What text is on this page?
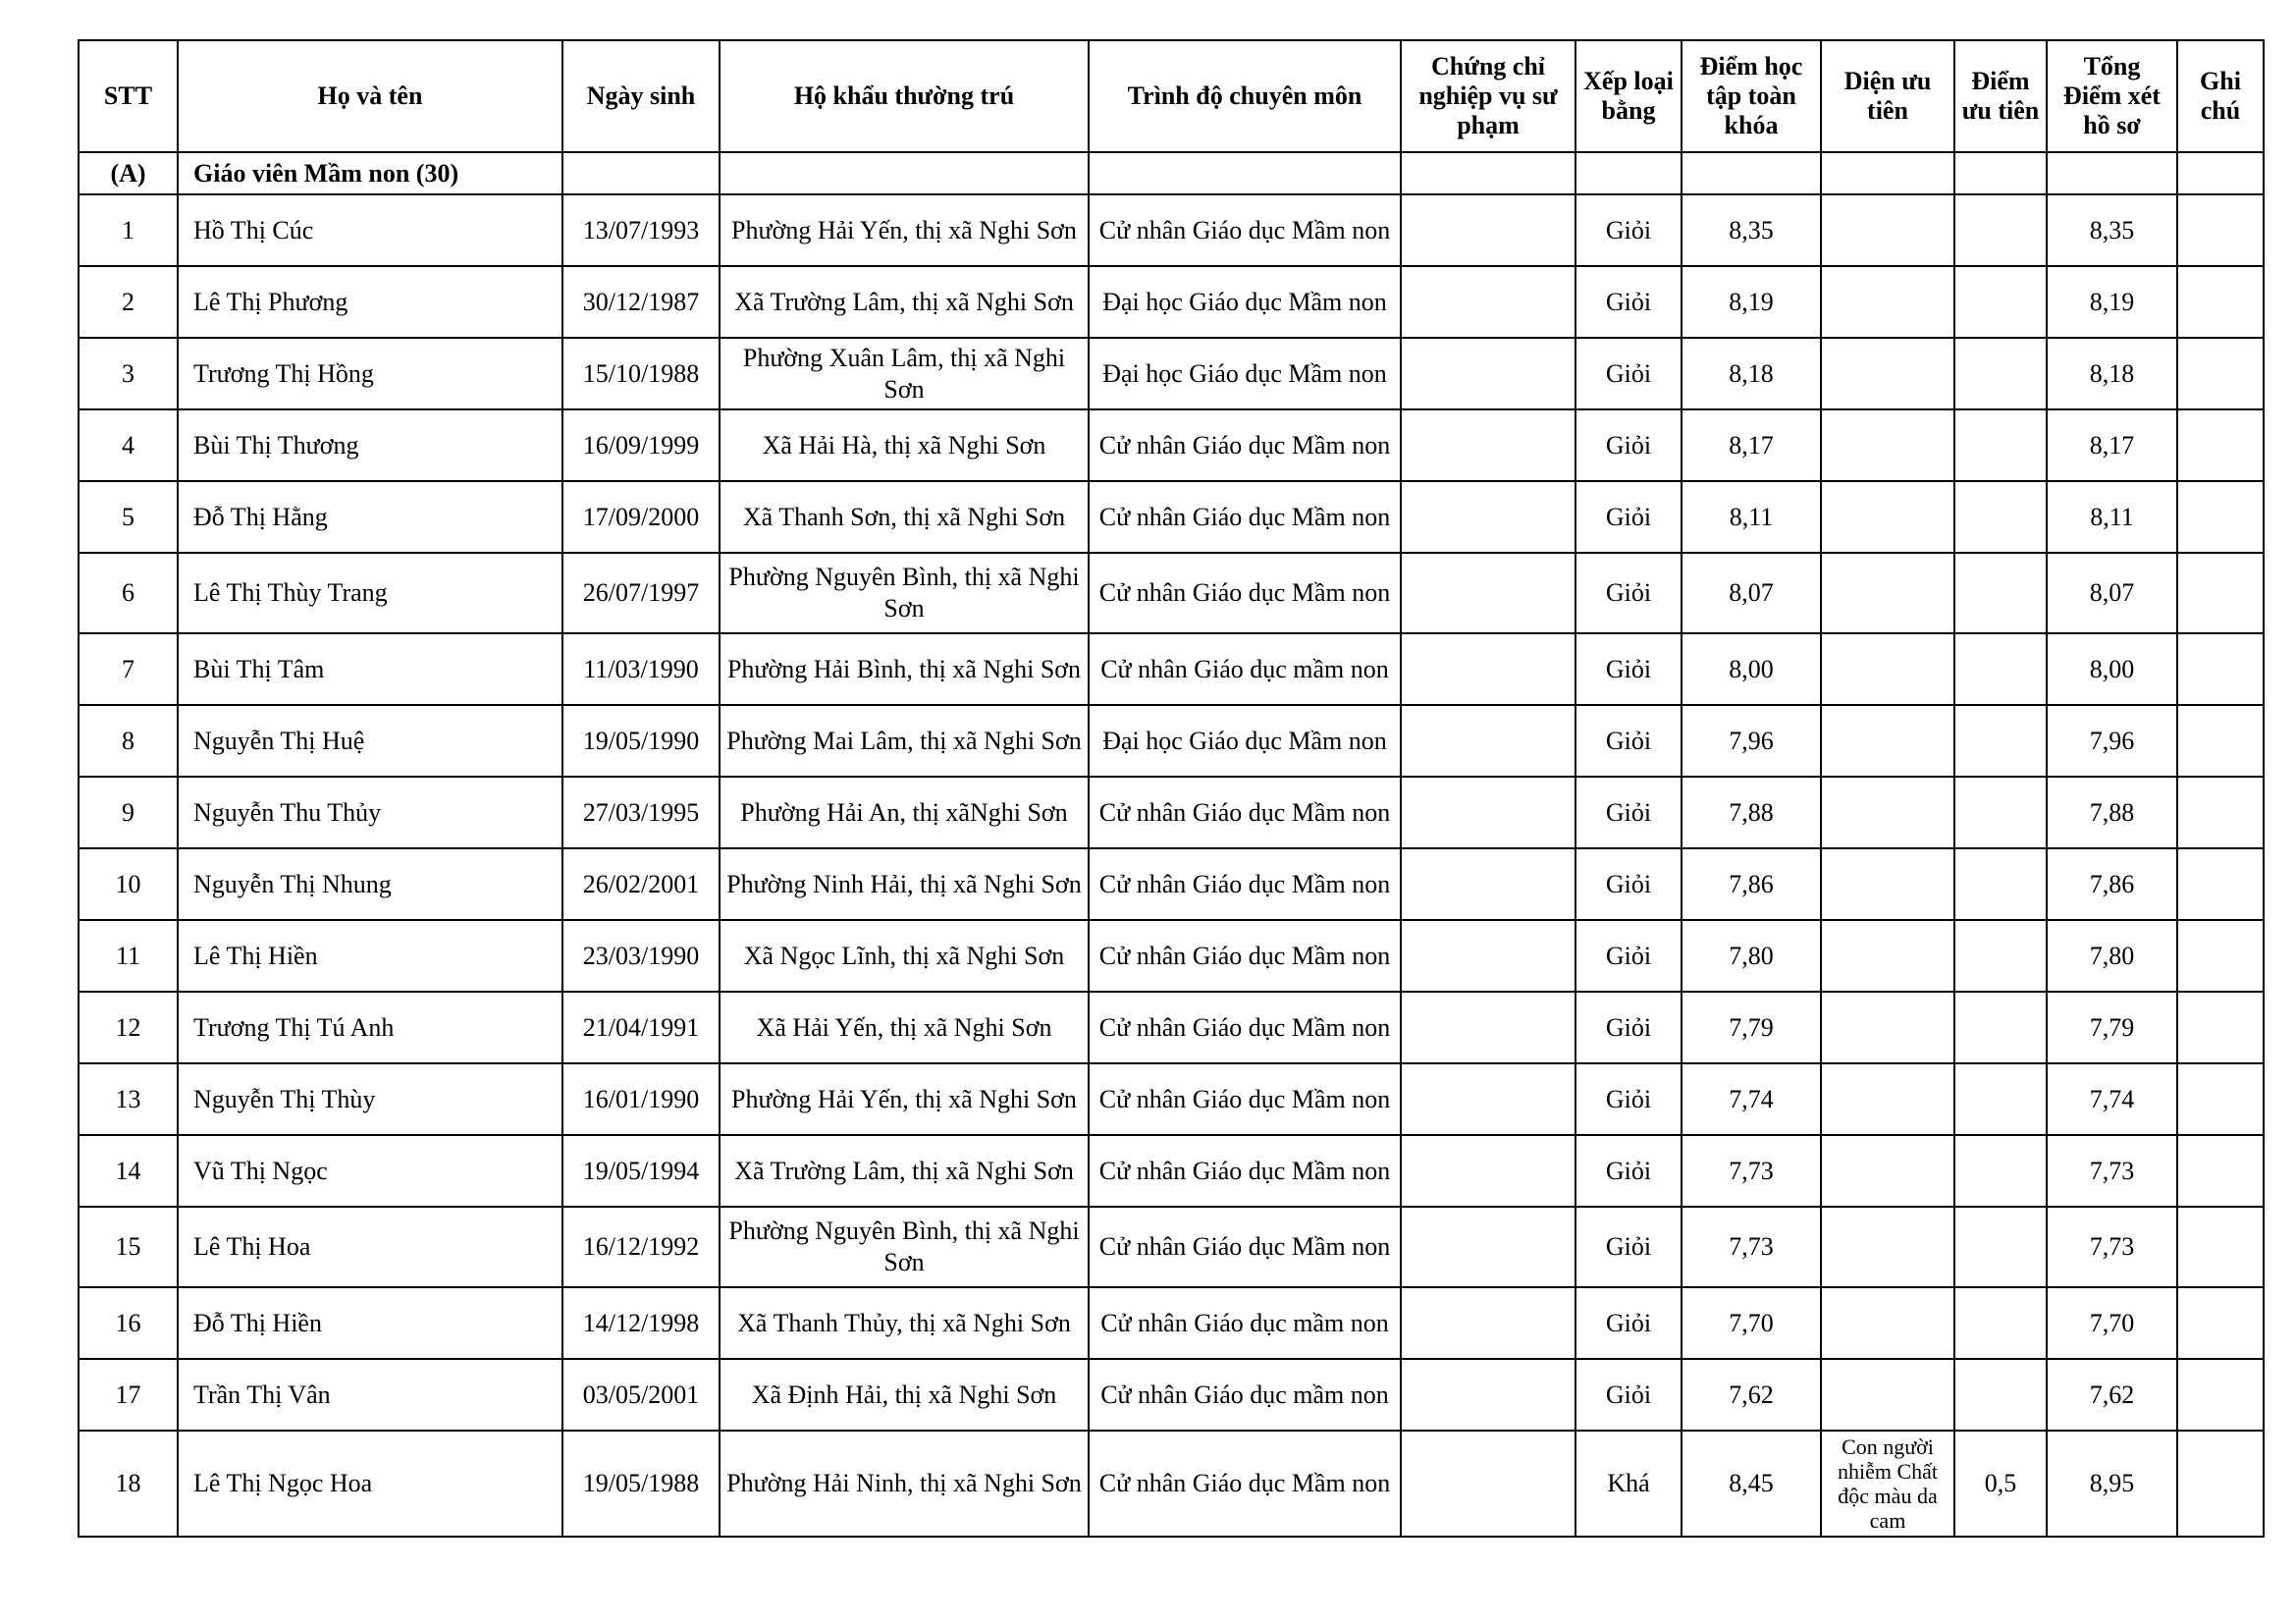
STT	Họ và tên	Ngày sinh	Hộ khẩu thường trú	Trình độ chuyên môn	Chứng chỉ nghiệp vụ sư phạm	Xếp loại bằng	Điểm học tập toàn khóa	Diện ưu tiên	Điểm ưu tiên	Tổng Điểm xét hồ sơ	Ghi chú
(A)	Giáo viên Mầm non (30)										
1	Hồ Thị Cúc	13/07/1993	Phường Hải Yến, thị xã Nghi Sơn	Cử nhân Giáo dục Mầm non		Giỏi	8,35			8,35	
2	Lê Thị Phương	30/12/1987	Xã Trường Lâm, thị xã Nghi Sơn	Đại học Giáo dục Mầm non		Giỏi	8,19			8,19	
3	Trương Thị Hồng	15/10/1988	Phường Xuân Lâm, thị xã Nghi Sơn	Đại học Giáo dục Mầm non		Giỏi	8,18			8,18	
4	Bùi Thị Thương	16/09/1999	Xã Hải Hà, thị xã Nghi Sơn	Cử nhân Giáo dục Mầm non		Giỏi	8,17			8,17	
5	Đỗ Thị Hằng	17/09/2000	Xã Thanh Sơn, thị xã Nghi Sơn	Cử nhân Giáo dục Mầm non		Giỏi	8,11			8,11	
6	Lê Thị Thùy Trang	26/07/1997	Phường Nguyên Bình, thị xã Nghi Sơn	Cử nhân Giáo dục Mầm non		Giỏi	8,07			8,07	
7	Bùi Thị Tâm	11/03/1990	Phường Hải Bình, thị xã Nghi Sơn	Cử nhân Giáo dục mầm non		Giỏi	8,00			8,00	
8	Nguyễn Thị Huệ	19/05/1990	Phường Mai Lâm, thị xã Nghi Sơn	Đại học Giáo dục Mầm non		Giỏi	7,96			7,96	
9	Nguyễn Thu Thủy	27/03/1995	Phường Hải An, thị xãNghi Sơn	Cử nhân Giáo dục Mầm non		Giỏi	7,88			7,88	
10	Nguyễn Thị Nhung	26/02/2001	Phường Ninh Hải, thị xã Nghi Sơn	Cử nhân Giáo dục Mầm non		Giỏi	7,86			7,86	
11	Lê Thị Hiền	23/03/1990	Xã Ngọc Lĩnh, thị xã Nghi Sơn	Cử nhân Giáo dục Mầm non		Giỏi	7,80			7,80	
12	Trương Thị Tú Anh	21/04/1991	Xã Hải Yến, thị xã Nghi Sơn	Cử nhân Giáo dục Mầm non		Giỏi	7,79			7,79	
13	Nguyễn Thị Thùy	16/01/1990	Phường Hải Yến, thị xã Nghi Sơn	Cử nhân Giáo dục Mầm non		Giỏi	7,74			7,74	
14	Vũ Thị Ngọc	19/05/1994	Xã Trường Lâm, thị xã Nghi Sơn	Cử nhân Giáo dục Mầm non		Giỏi	7,73			7,73	
15	Lê Thị Hoa	16/12/1992	Phường Nguyên Bình, thị xã Nghi Sơn	Cử nhân Giáo dục Mầm non		Giỏi	7,73			7,73	
16	Đỗ Thị Hiền	14/12/1998	Xã Thanh Thủy, thị xã Nghi Sơn	Cử nhân Giáo dục mầm non		Giỏi	7,70			7,70	
17	Trần Thị Vân	03/05/2001	Xã Định Hải, thị xã Nghi Sơn	Cử nhân Giáo dục mầm non		Giỏi	7,62			7,62	
18	Lê Thị Ngọc Hoa	19/05/1988	Phường Hải Ninh, thị xã Nghi Sơn	Cử nhân Giáo dục Mầm non		Khá	8,45	Con người nhiễm Chất độc màu da cam	0,5	8,95	
